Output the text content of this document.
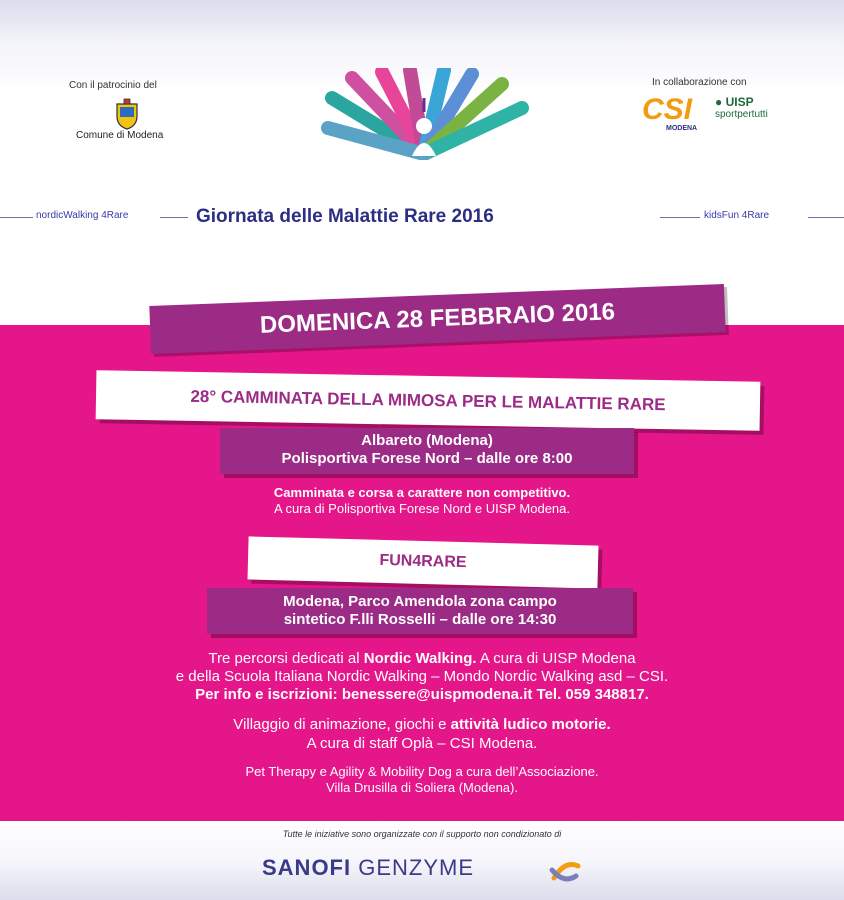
Con il patrocinio del
Comune di Modena
In collaborazione con
CSI
MODENA
● UISP
sportpertutti
nordicWalking 4Rare	Giornata delle Malattie Rare 2016	kidsFun 4Rare
DOMENICA 28 FEBBRAIO 2016
28° CAMMINATA DELLA MIMOSA PER LE MALATTIE RARE
Albareto (Modena)
Polisportiva Forese Nord – dalle ore 8:00
Camminata e corsa a carattere non competitivo.
A cura di Polisportiva Forese Nord e UISP Modena.
FUN4RARE
Modena, Parco Amendola zona campo
sintetico F.lli Rosselli – dalle ore 14:30
Tre percorsi dedicati al Nordic Walking. A cura di UISP Modena
e della Scuola Italiana Nordic Walking – Mondo Nordic Walking asd – CSI.
Per info e iscrizioni: benessere@uispmodena.it Tel. 059 348817.
Villaggio di animazione, giochi e attività ludico motorie.
A cura di staff Oplà – CSI Modena.
Pet Therapy e Agility & Mobility Dog a cura dell’Associazione.
Villa Drusilla di Soliera (Modena).
Tutte le iniziative sono organizzate con il supporto non condizionato di
SANOFI GENZYME
